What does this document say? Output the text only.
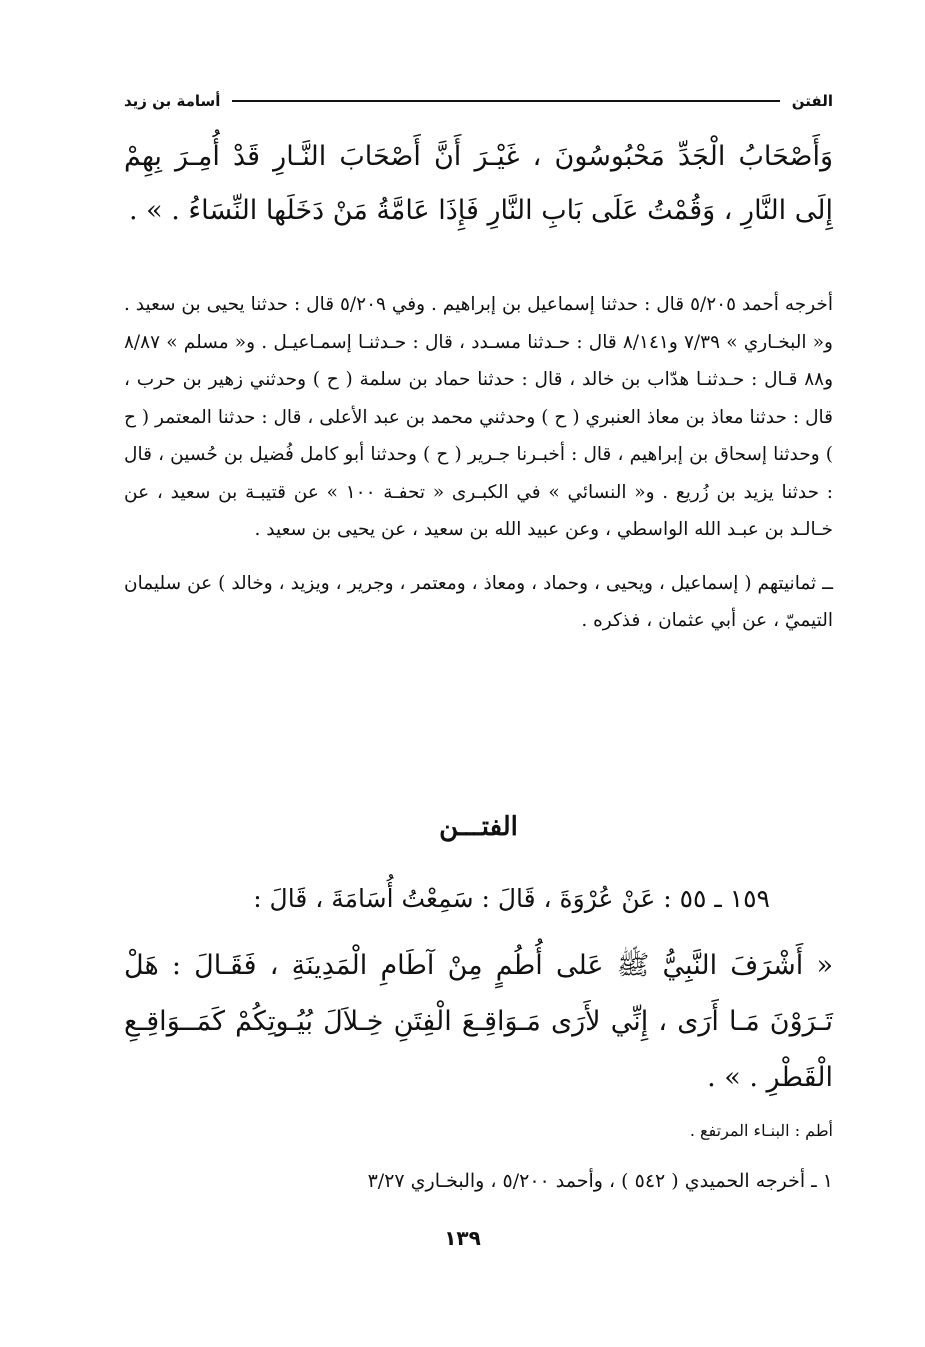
الفتن
أسامة بن زيد

وَأَصْحَابُ الْجَدِّ مَحْبُوسُونَ ، غَيْـرَ أَنَّ أَصْحَابَ النَّـارِ قَدْ أُمِـرَ بِهِمْ إِلَى النَّارِ ، وَقُمْتُ عَلَى بَابِ النَّارِ فَإِذَا عَامَّةُ مَنْ دَخَلَها النِّسَاءُ . » .

أخرجه أحمد ٥/٢٠٥ قال : حدثنا إسماعيل بن إبراهيم . وفي ٥/٢٠٩ قال : حدثنا يحيى بن سعيد . و« البخـاري » ٧/٣٩ و٨/١٤١ قال : حـدثنا مسـدد ، قال : حـدثنـا إسمـاعيـل . و« مسلم » ٨/٨٧ و٨٨ قـال : حـدثنـا هدّاب بن خالد ، قال : حدثنا حماد بن سلمة ( ح ) وحدثني زهير بن حرب ، قال : حدثنا معاذ بن معاذ العنبري ( ح ) وحدثني محمد بن عبد الأعلى ، قال : حدثنا المعتمر ( ح ) وحدثنا إسحاق بن إبراهيم ، قال : أخبـرنا جـرير ( ح ) وحدثنا أبو كامل فُضيل بن حُسين ، قال : حدثنا يزيد بن زُريع . و« النسائي » في الكبـرى « تحفـة ١٠٠ » عن قتيبـة بن سعيد ، عن خـالـد بن عبـد الله الواسطي ، وعن عبيد الله بن سعيد ، عن يحيى بن سعيد .

ــ ثمانيتهم ( إسماعيل ، ويحيى ، وحماد ، ومعاذ ، ومعتمر ، وجرير ، ويزيد ، وخالد ) عن سليمان التيميّ ، عن أبي عثمان ، فذكره .

الفتـــن
١٥٩ ـ ٥٥ : عَنْ عُرْوَةَ ، قَالَ : سَمِعْتُ أُسَامَةَ ، قَالَ :

« أَشْرَفَ النَّبِيُّ ﷺ عَلى أُطُمٍ مِنْ آطَامِ الْمَدِينَةِ ، فَقَـالَ : هَلْ تَـرَوْنَ مَـا أَرَى ، إِنِّي لأَرَى مَـوَاقِـعَ الْفِتَنِ خِـلاَلَ بُيُـوتِكُمْ كَمَــوَاقِـعِ الْقَطْرِ . » .

أطم : البنـاء المرتفع .
١ ـ أخرجه الحميدي ( ٥٤٢ ) ، وأحمد ٥/٢٠٠ ، والبخـاري ٣/٢٧
١٣٩
